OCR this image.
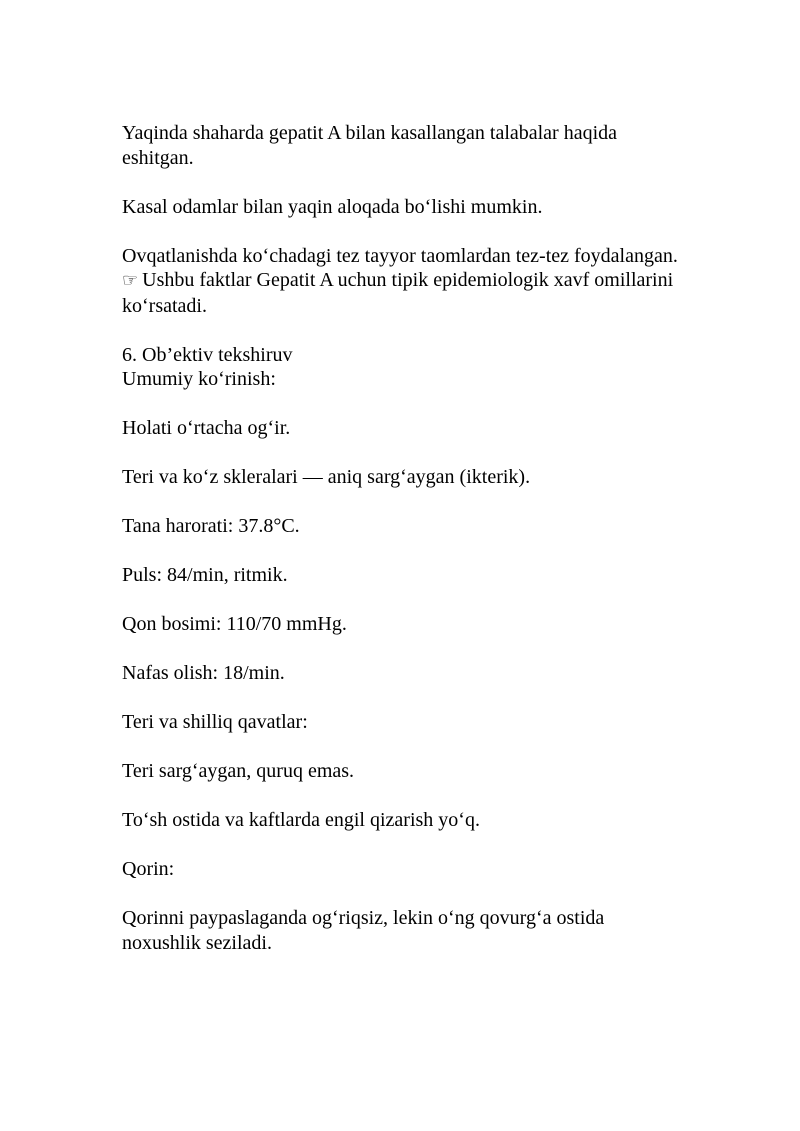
Yaqinda shaharda gepatit A bilan kasallangan talabalar haqida eshitgan.

Kasal odamlar bilan yaqin aloqada bo‘lishi mumkin.

Ovqatlanishda ko‘chadagi tez tayyor taomlardan tez-tez foydalangan.

☞ Ushbu faktlar Gepatit A uchun tipik epidemiologik xavf omillarini ko‘rsatadi.

6. Ob’ektiv tekshiruv

Umumiy ko‘rinish:

Holati o‘rtacha og‘ir.

Teri va ko‘z skleralari — aniq sarg‘aygan (ikterik).

Tana harorati: 37.8°C.

Puls: 84/min, ritmik.

Qon bosimi: 110/70 mmHg.

Nafas olish: 18/min.

Teri va shilliq qavatlar:

Teri sarg‘aygan, quruq emas.

To‘sh ostida va kaftlarda engil qizarish yo‘q.

Qorin:

Qorinni paypaslaganda og‘riqsiz, lekin o‘ng qovurg‘a ostida noxushlik seziladi.
